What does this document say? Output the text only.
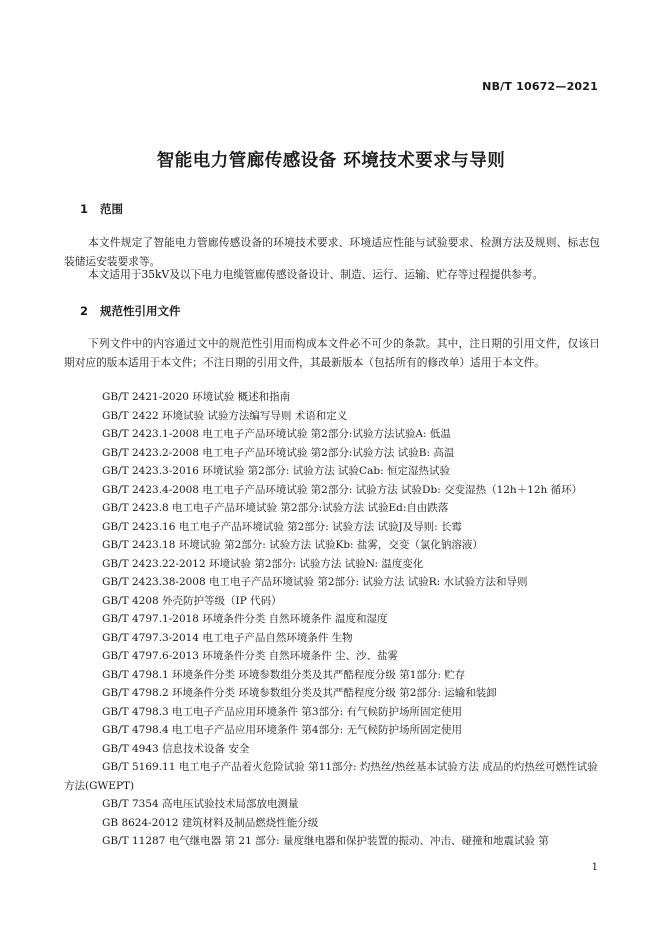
NB/T 10672—2021
智能电力管廊传感设备 环境技术要求与导则
1 范围
本文件规定了智能电力管廊传感设备的环境技术要求、环境适应性能与试验要求、检测方法及规则、标志包装储运安装要求等。
本文适用于35kV及以下电力电缆管廊传感设备设计、制造、运行、运输、贮存等过程提供参考。
2 规范性引用文件
下列文件中的内容通过文中的规范性引用而构成本文件必不可少的条款。其中，注日期的引用文件，仅该日期对应的版本适用于本文件；不注日期的引用文件，其最新版本（包括所有的修改单）适用于本文件。
GB/T 2421-2020 环境试验 概述和指南
GB/T 2422 环境试验 试验方法编写导则 术语和定义
GB/T 2423.1-2008 电工电子产品环境试验 第2部分:试验方法试验A: 低温
GB/T 2423.2-2008 电工电子产品环境试验 第2部分:试验方法 试验B: 高温
GB/T 2423.3-2016 环境试验 第2部分: 试验方法 试验Cab: 恒定湿热试验
GB/T 2423.4-2008 电工电子产品环境试验 第2部分: 试验方法 试验Db: 交变湿热（12h＋12h 循环）
GB/T 2423.8 电工电子产品环境试验 第2部分:试验方法 试验Ed:自由跌落
GB/T 2423.16 电工电子产品环境试验 第2部分: 试验方法 试验J及导则: 长霉
GB/T 2423.18 环境试验 第2部分: 试验方法 试验Kb: 盐雾，交变（氯化钠溶液）
GB/T 2423.22-2012 环境试验 第2部分: 试验方法 试验N: 温度变化
GB/T 2423.38-2008 电工电子产品环境试验 第2部分: 试验方法 试验R: 水试验方法和导则
GB/T 4208 外壳防护等级（IP 代码）
GB/T 4797.1-2018 环境条件分类 自然环境条件 温度和湿度
GB/T 4797.3-2014 电工电子产品自然环境条件 生物
GB/T 4797.6-2013 环境条件分类 自然环境条件 尘、沙、盐雾
GB/T 4798.1 环境条件分类 环境参数组分类及其严酷程度分级 第1部分: 贮存
GB/T 4798.2 环境条件分类 环境参数组分类及其严酷程度分级 第2部分: 运输和装卸
GB/T 4798.3 电工电子产品应用环境条件 第3部分: 有气候防护场所固定使用
GB/T 4798.4 电工电子产品应用环境条件 第4部分: 无气候防护场所固定使用
GB/T 4943 信息技术设备 安全
GB/T 5169.11 电工电子产品着火危险试验 第11部分: 灼热丝/热丝基本试验方法 成品的灼热丝可燃性试验方法(GWEPT)
GB/T 7354 高电压试验技术局部放电测量
GB 8624-2012 建筑材料及制品燃烧性能分级
GB/T 11287 电气继电器 第 21 部分: 量度继电器和保护装置的振动、冲击、碰撞和地震试验 第
1
